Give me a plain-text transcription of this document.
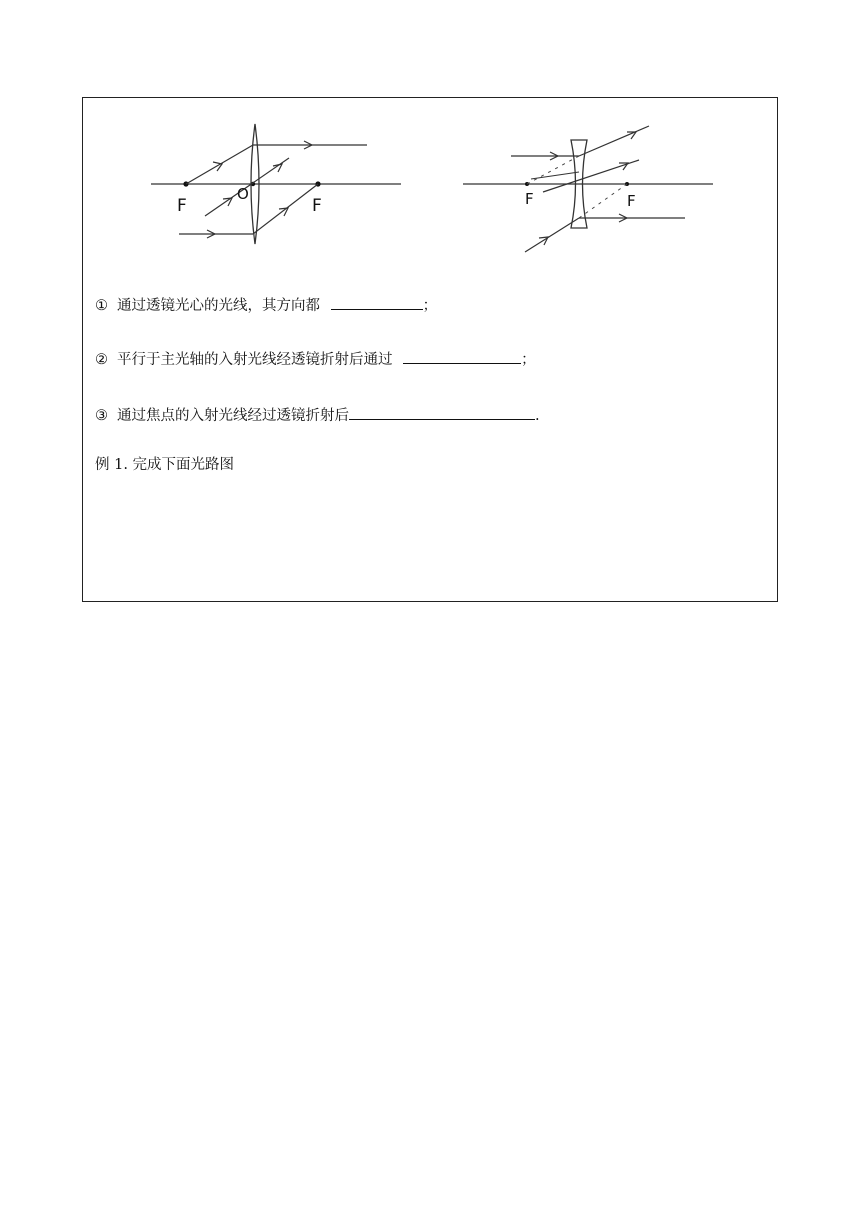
F
O
F	F	F
① 通过透镜光心的光线，其方向都	；
② 平行于主光轴的入射光线经透镜折射后通过	；
③ 通过焦点的入射光线经过透镜折射后	.
例 1. 完成下面光路图
